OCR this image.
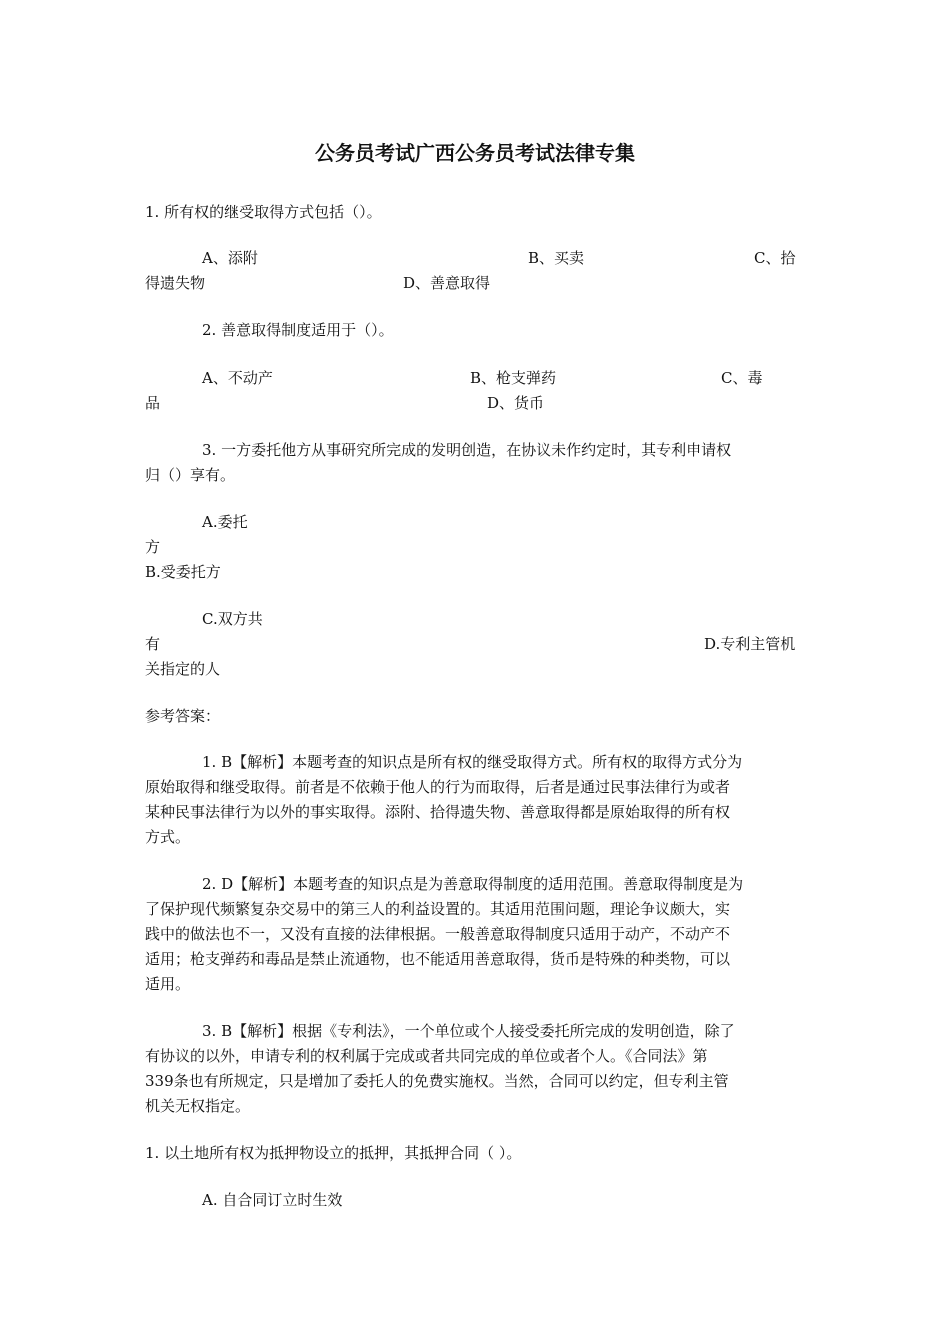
公务员考试广西公务员考试法律专集
1. 所有权的继受取得方式包括（）。
A、添附	B、买卖	C、拾
得遗失物	D、善意取得
2. 善意取得制度适用于（）。
A、不动产	B、枪支弹药	C、毒
品	D、货币
3. 一方委托他方从事研究所完成的发明创造，在协议未作约定时，其专利申请权
归（）享有。
A.委托
方
B.受委托方
C.双方共
有	D.专利主管机
关指定的人
参考答案：
1. B【解析】本题考查的知识点是所有权的继受取得方式。所有权的取得方式分为
原始取得和继受取得。前者是不依赖于他人的行为而取得，后者是通过民事法律行为或者
某种民事法律行为以外的事实取得。添附、拾得遗失物、善意取得都是原始取得的所有权
方式。
2. D【解析】本题考查的知识点是为善意取得制度的适用范围。善意取得制度是为
了保护现代频繁复杂交易中的第三人的利益设置的。其适用范围问题，理论争议颇大，实
践中的做法也不一，又没有直接的法律根据。一般善意取得制度只适用于动产，不动产不
适用；枪支弹药和毒品是禁止流通物，也不能适用善意取得，货币是特殊的种类物，可以
适用。
3. B【解析】根据《专利法》，一个单位或个人接受委托所完成的发明创造，除了
有协议的以外，申请专利的权利属于完成或者共同完成的单位或者个人。《合同法》第
339条也有所规定，只是增加了委托人的免费实施权。当然，合同可以约定，但专利主管
机关无权指定。
1. 以土地所有权为抵押物设立的抵押，其抵押合同（ ）。
A. 自合同订立时生效
